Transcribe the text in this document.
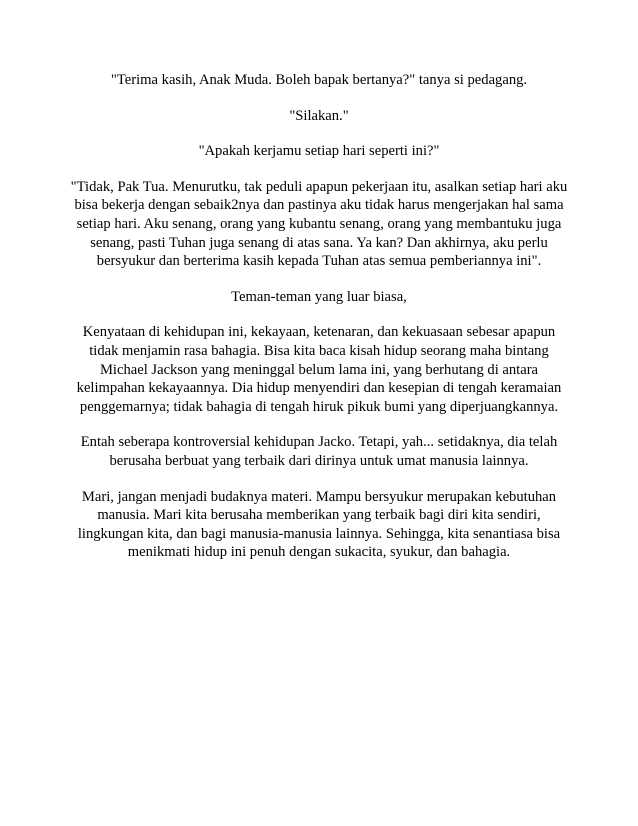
"Terima kasih, Anak Muda. Boleh bapak bertanya?" tanya si pedagang.

"Silakan."

"Apakah kerjamu setiap hari seperti ini?"

"Tidak, Pak Tua. Menurutku, tak peduli apapun pekerjaan itu, asalkan setiap hari aku bisa bekerja dengan sebaik2nya dan pastinya aku tidak harus mengerjakan hal sama setiap hari. Aku senang, orang yang kubantu senang, orang yang membantuku juga senang, pasti Tuhan juga senang di atas sana. Ya kan? Dan akhirnya, aku perlu bersyukur dan berterima kasih kepada Tuhan atas semua pemberiannya ini".

Teman-teman yang luar biasa,

Kenyataan di kehidupan ini, kekayaan, ketenaran, dan kekuasaan sebesar apapun tidak menjamin rasa bahagia. Bisa kita baca kisah hidup seorang maha bintang Michael Jackson yang meninggal belum lama ini, yang berhutang di antara kelimpahan kekayaannya. Dia hidup menyendiri dan kesepian di tengah keramaian penggemarnya; tidak bahagia di tengah hiruk pikuk bumi yang diperjuangkannya.

Entah seberapa kontroversial kehidupan Jacko. Tetapi, yah... setidaknya, dia telah berusaha berbuat yang terbaik dari dirinya untuk umat manusia lainnya.

Mari, jangan menjadi budaknya materi. Mampu bersyukur merupakan kebutuhan manusia. Mari kita berusaha memberikan yang terbaik bagi diri kita sendiri, lingkungan kita, dan bagi manusia-manusia lainnya. Sehingga, kita senantiasa bisa menikmati hidup ini penuh dengan sukacita, syukur, dan bahagia.
